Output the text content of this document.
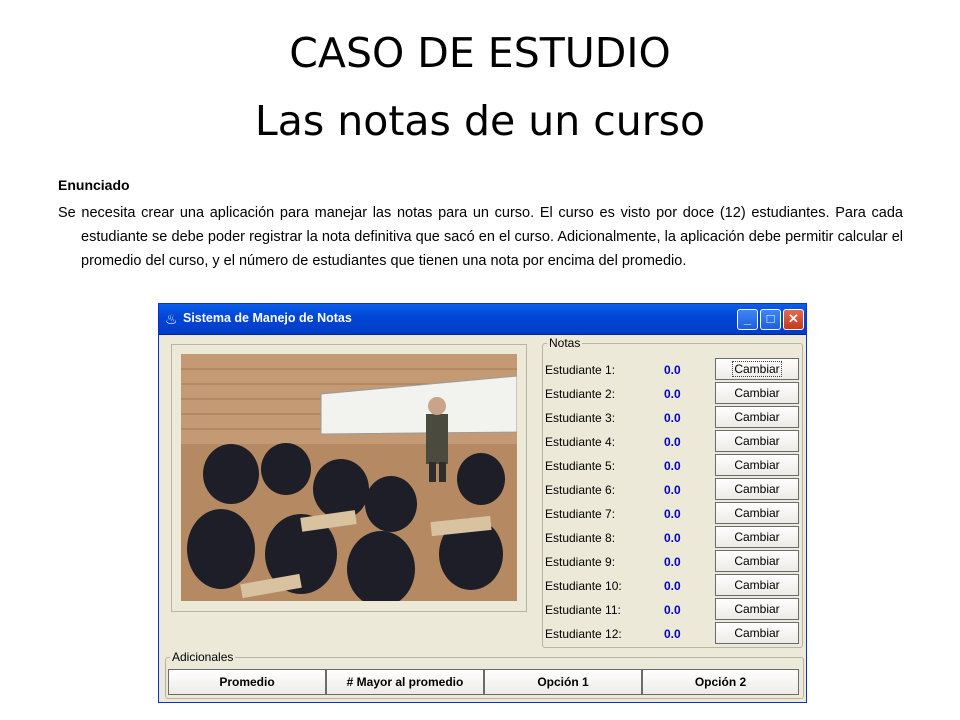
CASO DE ESTUDIO
Las notas de un curso
Enunciado
Se necesita crear una aplicación para manejar las notas para un curso. El curso es visto por doce (12) estudiantes. Para cada estudiante se debe poder registrar la nota definitiva que sacó en el curso. Adicionalmente, la aplicación debe permitir calcular el promedio del curso, y el número de estudiantes que tienen una nota por encima del promedio.
♨ Sistema de Manejo de Notas	_	□	✕
Notas
Estudiante 1:	0.0	Cambiar
Estudiante 2:	0.0	Cambiar
Estudiante 3:	0.0	Cambiar
Estudiante 4:	0.0	Cambiar
Estudiante 5:	0.0	Cambiar
Estudiante 6:	0.0	Cambiar
Estudiante 7:	0.0	Cambiar
Estudiante 8:	0.0	Cambiar
Estudiante 9:	0.0	Cambiar
Estudiante 10:	0.0	Cambiar
Estudiante 11:	0.0	Cambiar
Estudiante 12:	0.0	Cambiar
Adicionales
Promedio	# Mayor al promedio	Opción 1	Opción 2
